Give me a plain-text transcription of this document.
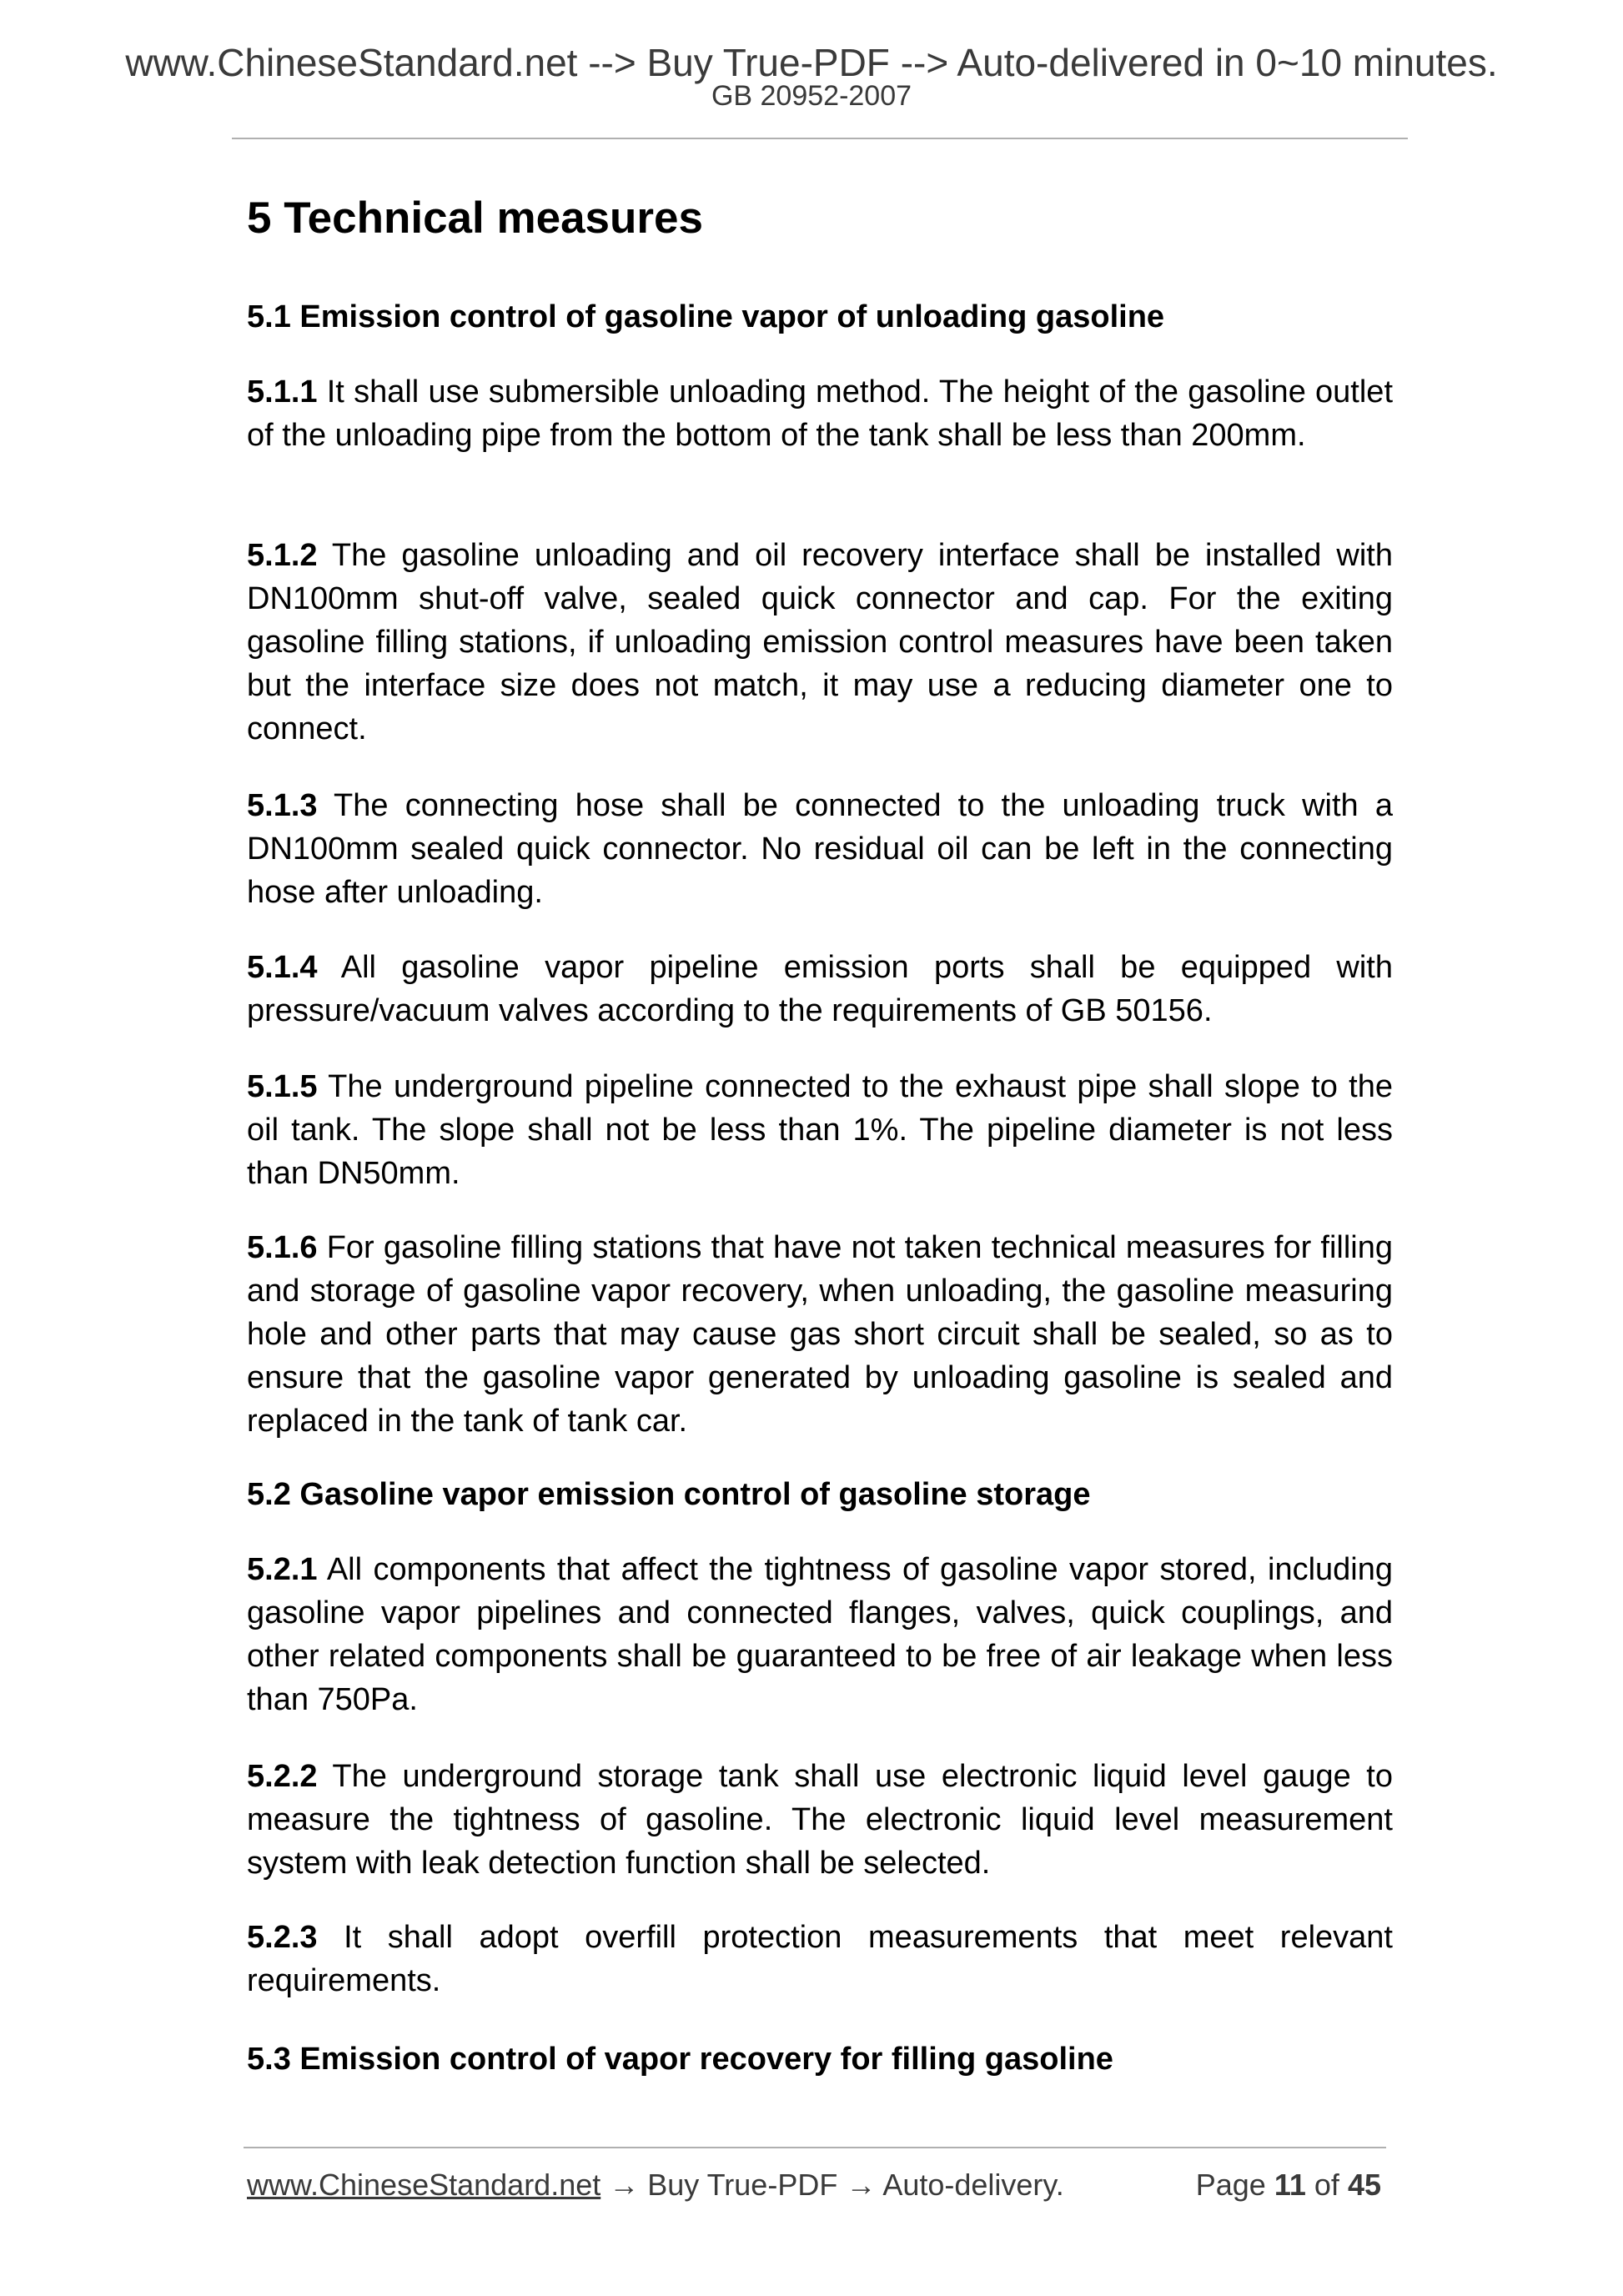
www.ChineseStandard.net --> Buy True-PDF --> Auto-delivered in 0~10 minutes.
GB 20952-2007
5 Technical measures
5.1 Emission control of gasoline vapor of unloading gasoline

5.1.1 It shall use submersible unloading method. The height of the gasoline outlet of the unloading pipe from the bottom of the tank shall be less than 200mm.

5.1.2 The gasoline unloading and oil recovery interface shall be installed with DN100mm shut-off valve, sealed quick connector and cap. For the exiting gasoline filling stations, if unloading emission control measures have been taken but the interface size does not match, it may use a reducing diameter one to connect.

5.1.3 The connecting hose shall be connected to the unloading truck with a DN100mm sealed quick connector. No residual oil can be left in the connecting hose after unloading.

5.1.4 All gasoline vapor pipeline emission ports shall be equipped with pressure/vacuum valves according to the requirements of GB 50156.

5.1.5 The underground pipeline connected to the exhaust pipe shall slope to the oil tank. The slope shall not be less than 1%. The pipeline diameter is not less than DN50mm.

5.1.6 For gasoline filling stations that have not taken technical measures for filling and storage of gasoline vapor recovery, when unloading, the gasoline measuring hole and other parts that may cause gas short circuit shall be sealed, so as to ensure that the gasoline vapor generated by unloading gasoline is sealed and replaced in the tank of tank car.

5.2 Gasoline vapor emission control of gasoline storage

5.2.1 All components that affect the tightness of gasoline vapor stored, including gasoline vapor pipelines and connected flanges, valves, quick couplings, and other related components shall be guaranteed to be free of air leakage when less than 750Pa.

5.2.2 The underground storage tank shall use electronic liquid level gauge to measure the tightness of gasoline. The electronic liquid level measurement system with leak detection function shall be selected.

5.2.3 It shall adopt overfill protection measurements that meet relevant requirements.

5.3 Emission control of vapor recovery for filling gasoline
www.ChineseStandard.net → Buy True-PDF → Auto-delivery.	Page 11 of 45
